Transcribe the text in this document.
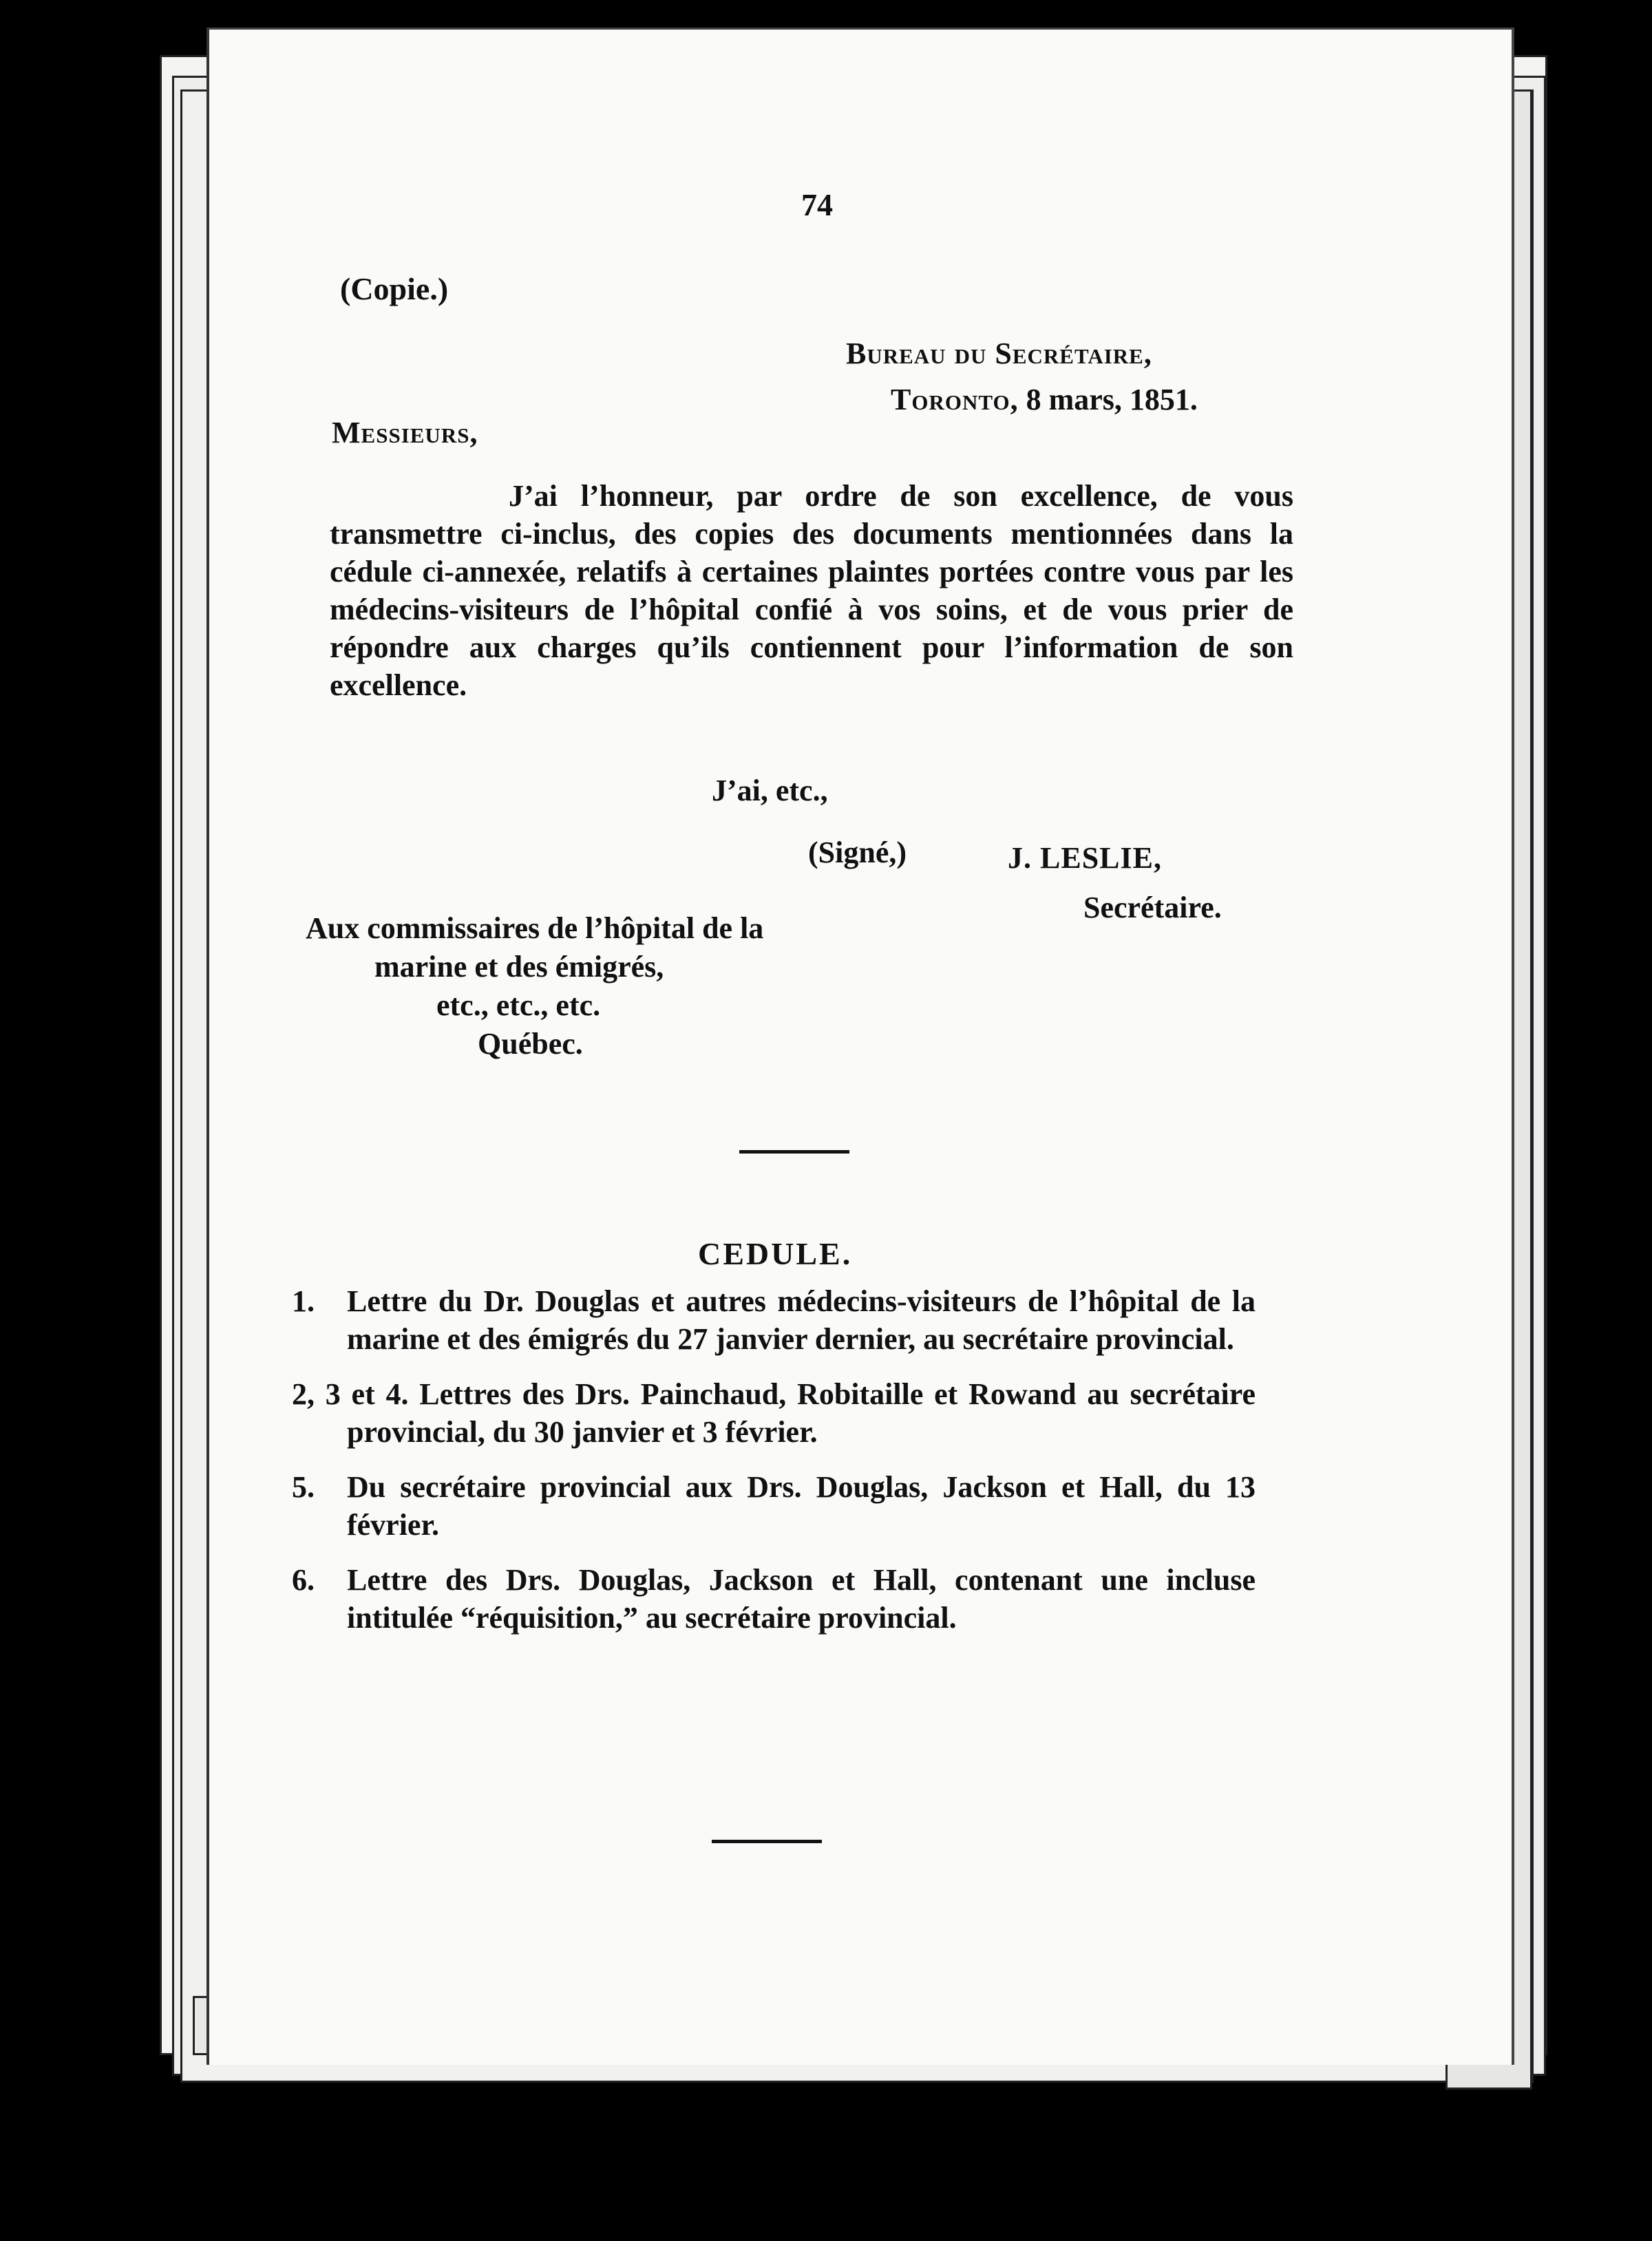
74

(Copie.)

Bureau du Secrétaire,

Toronto, 8 mars, 1851.

Messieurs,

J’ai l’honneur, par ordre de son excellence, de vous transmettre ci-inclus, des copies des documents mentionnées dans la cédule ci-annexée, relatifs à certaines plaintes portées contre vous par les médecins-visiteurs de l’hôpital confié à vos soins, et de vous prier de répondre aux charges qu’ils contiennent pour l’information de son excellence.

J’ai, etc.,

(Signé,)	J. LESLIE,

Secrétaire.

Aux commissaires de l’hôpital de la
marine et des émigrés,
etc., etc., etc.
Québec.

CEDULE.

1. Lettre du Dr. Douglas et autres médecins-visiteurs de l’hôpital de la marine et des émigrés du 27 janvier dernier, au secrétaire provincial.
2, 3 et 4. Lettres des Drs. Painchaud, Robitaille et Rowand au secrétaire provincial, du 30 janvier et 3 février.
5. Du secrétaire provincial aux Drs. Douglas, Jackson et Hall, du 13 février.
6. Lettre des Drs. Douglas, Jackson et Hall, contenant une incluse intitulée “réquisition,” au secrétaire provincial.
